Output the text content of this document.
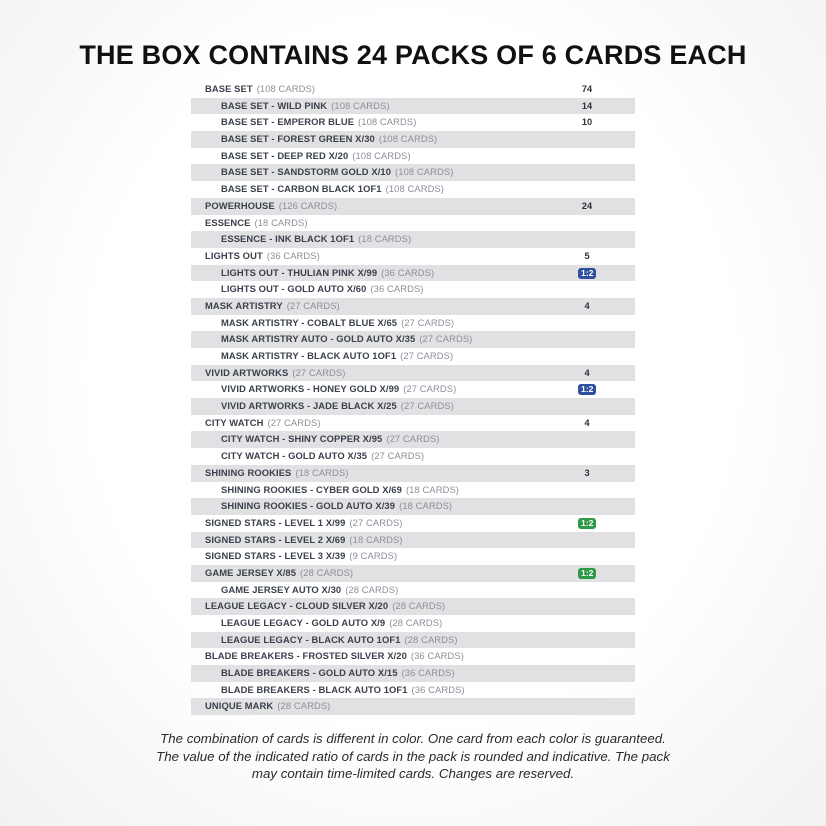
THE BOX CONTAINS 24 PACKS OF 6 CARDS EACH
BASE SET (108 CARDS)	74
BASE SET - WILD PINK (108 CARDS)	14
BASE SET - EMPEROR BLUE (108 CARDS)	10
BASE SET - FOREST GREEN X/30 (108 CARDS)
BASE SET - DEEP RED X/20 (108 CARDS)
BASE SET - SANDSTORM GOLD X/10 (108 CARDS)
BASE SET - CARBON BLACK 1OF1 (108 CARDS)
POWERHOUSE (126 CARDS)	24
ESSENCE (18 CARDS)
ESSENCE - INK BLACK 1OF1 (18 CARDS)
LIGHTS OUT (36 CARDS)	5
LIGHTS OUT - THULIAN PINK X/99 (36 CARDS)	1:2
LIGHTS OUT - GOLD AUTO X/60 (36 CARDS)
MASK ARTISTRY (27 CARDS)	4
MASK ARTISTRY - COBALT BLUE X/65 (27 CARDS)
MASK ARTISTRY AUTO - GOLD AUTO X/35 (27 CARDS)
MASK ARTISTRY - BLACK AUTO 1OF1 (27 CARDS)
VIVID ARTWORKS (27 CARDS)	4
VIVID ARTWORKS - HONEY GOLD X/99 (27 CARDS)	1:2
VIVID ARTWORKS - JADE BLACK X/25 (27 CARDS)
CITY WATCH (27 CARDS)	4
CITY WATCH - SHINY COPPER X/95 (27 CARDS)
CITY WATCH - GOLD AUTO X/35 (27 CARDS)
SHINING ROOKIES (18 CARDS)	3
SHINING ROOKIES - CYBER GOLD X/69 (18 CARDS)
SHINING ROOKIES - GOLD AUTO X/39 (18 CARDS)
SIGNED STARS - LEVEL 1 X/99 (27 CARDS)	1:2
SIGNED STARS - LEVEL 2 X/69 (18 CARDS)
SIGNED STARS - LEVEL 3 X/39 (9 CARDS)
GAME JERSEY X/85 (28 CARDS)	1:2
GAME JERSEY AUTO X/30 (28 CARDS)
LEAGUE LEGACY - CLOUD SILVER X/20 (28 CARDS)
LEAGUE LEGACY - GOLD AUTO X/9 (28 CARDS)
LEAGUE LEGACY - BLACK AUTO 1OF1 (28 CARDS)
BLADE BREAKERS - FROSTED SILVER X/20 (36 CARDS)
BLADE BREAKERS - GOLD AUTO X/15 (36 CARDS)
BLADE BREAKERS - BLACK AUTO 1OF1 (36 CARDS)
UNIQUE MARK (28 CARDS)
The combination of cards is different in color. One card from each color is guaranteed.
The value of the indicated ratio of cards in the pack is rounded and indicative. The pack
may contain time-limited cards. Changes are reserved.
